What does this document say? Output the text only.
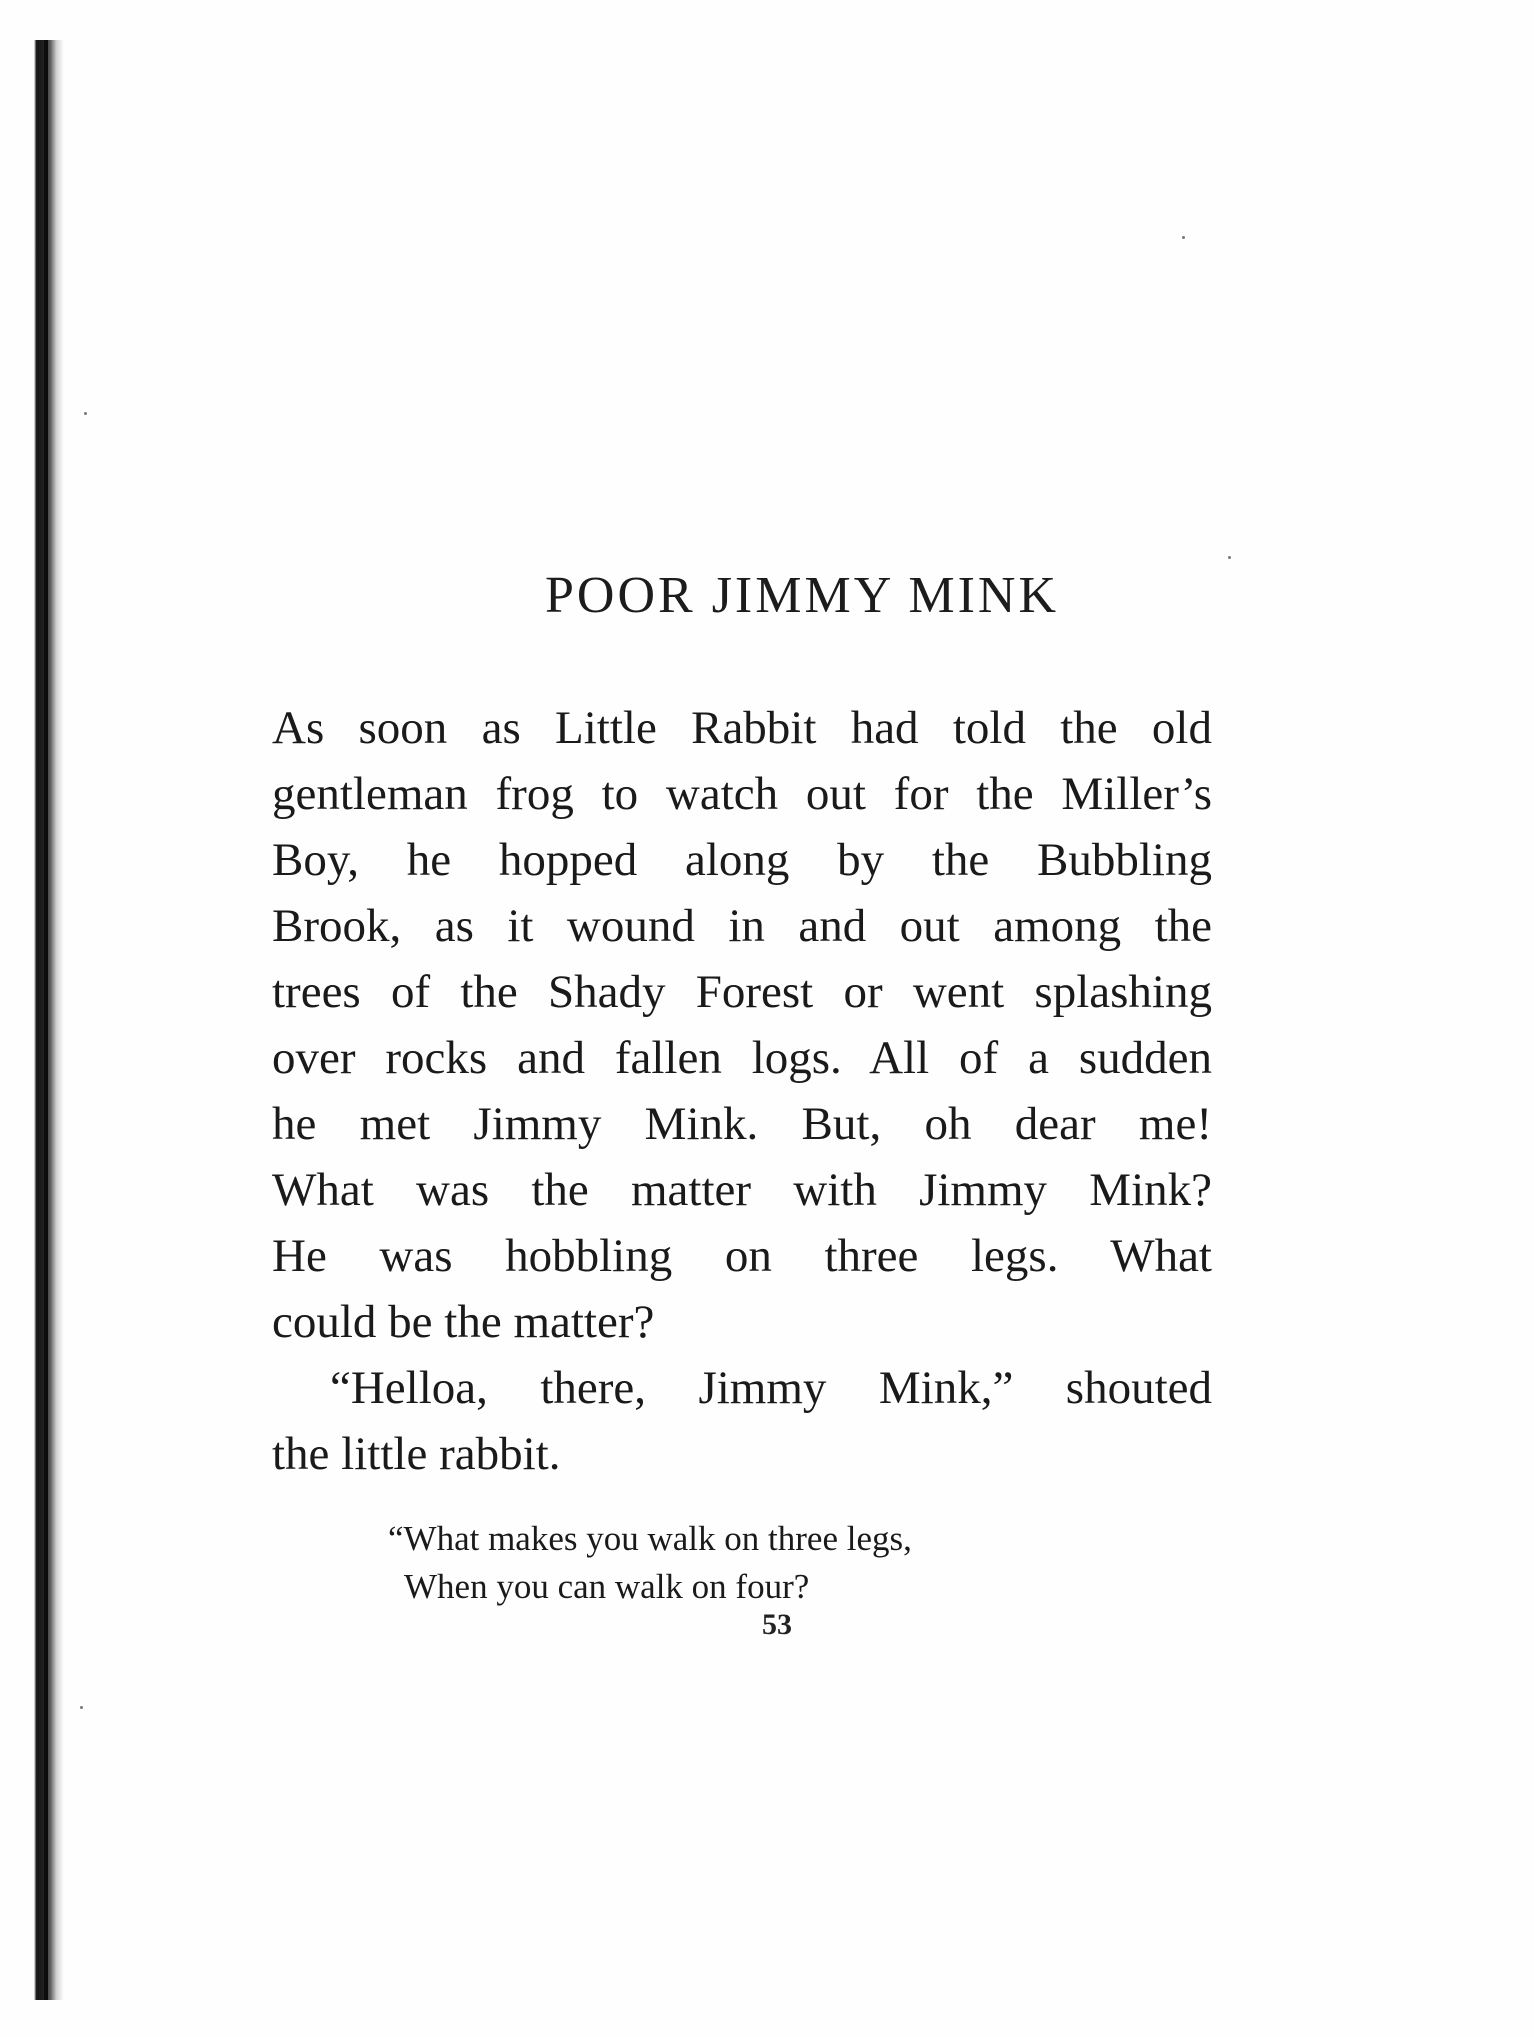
POOR JIMMY MINK
As soon as Little Rabbit had told the old
gentleman frog to watch out for the Miller’s
Boy, he hopped along by the Bubbling
Brook, as it wound in and out among the
trees of the Shady Forest or went splashing
over rocks and fallen logs. All of a sudden
he met Jimmy Mink. But, oh dear me!
What was the matter with Jimmy Mink?
He was hobbling on three legs. What
could be the matter?
“Helloa, there, Jimmy Mink,” shouted
the little rabbit.
“What makes you walk on three legs,
When you can walk on four?
53
